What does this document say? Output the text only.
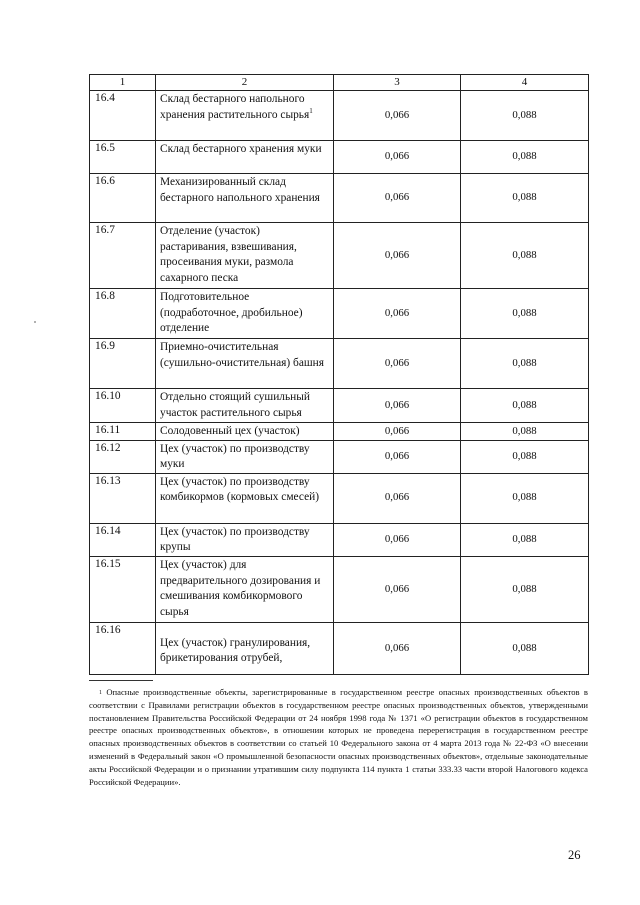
1	2	3	4
16.4	Склад бестарного напольного хранения растительного сырья$^1$	0,066	0,088
16.5	Склад бестарного хранения муки	0,066	0,088
16.6	Механизированный склад бестарного напольного хранения	0,066	0,088
16.7	Отделение (участок) растаривания, взвешивания, просеивания муки, размола сахарного песка	0,066	0,088
16.8	Подготовительное (подработочное, дробильное) отделение	0,066	0,088
16.9	Приемно-очистительная (сушильно-очистительная) башня	0,066	0,088
16.10	Отдельно стоящий сушильный участок растительного сырья	0,066	0,088
16.11	Солодовенный цех (участок)	0,066	0,088
16.12	Цех (участок) по производству муки	0,066	0,088
16.13	Цех (участок) по производству комбикормов (кормовых смесей)	0,066	0,088
16.14	Цех (участок) по производству крупы	0,066	0,088
16.15	Цех (участок) для предварительного дозирования и смешивания комбикормового сырья	0,066	0,088
16.16	Цех (участок) гранулирования, брикетирования отрубей,	0,066	0,088
$^1$ Опасные производственные объекты, зарегистрированные в государственном реестре опасных производственных объектов в соответствии с Правилами регистрации объектов в государственном реестре опасных производственных объектов, утвержденными постановлением Правительства Российской Федерации от 24 ноября 1998 года № 1371 «О регистрации объектов в государственном реестре опасных производственных объектов», в отношении которых не проведена перерегистрация в государственном реестре опасных производственных объектов в соответствии со статьей 10 Федерального закона от 4 марта 2013 года № 22-ФЗ «О внесении изменений в Федеральный закон «О промышленной безопасности опасных производственных объектов», отдельные законодательные акты Российской Федерации и о признании утратившим силу подпункта 114 пункта 1 статьи 333.33 части второй Налогового кодекса Российской Федерации».
26
